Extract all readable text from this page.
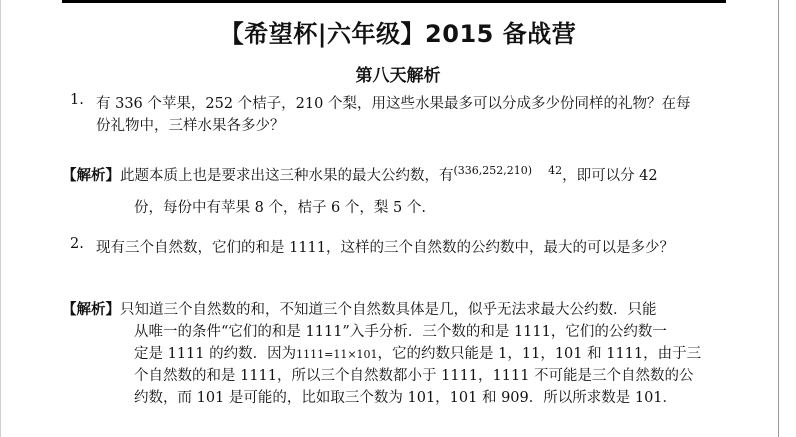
【希望杯|六年级】2015 备战营
第八天解析
1. 有 336 个苹果，252 个桔子，210 个梨，用这些水果最多可以分成多少份同样的礼物？在每
份礼物中，三样水果各多少？
【解析】此题本质上也是要求出这三种水果的最大公约数，有$^{(336,252,210)}$ $^{42}$，即可以分 42
份，每份中有苹果 8 个，桔子 6 个，梨 5 个.
2. 现有三个自然数，它们的和是 1111，这样的三个自然数的公约数中，最大的可以是多少？
【解析】只知道三个自然数的和，不知道三个自然数具体是几，似乎无法求最大公约数．只能
从唯一的条件“它们的和是 1111”入手分析．三个数的和是 1111，它们的公约数一
定是 1111 的约数．因为1111=11×101，它的约数只能是 1，11，101 和 1111，由于三
个自然数的和是 1111，所以三个自然数都小于 1111，1111 不可能是三个自然数的公
约数，而 101 是可能的，比如取三个数为 101，101 和 909．所以所求数是 101．
